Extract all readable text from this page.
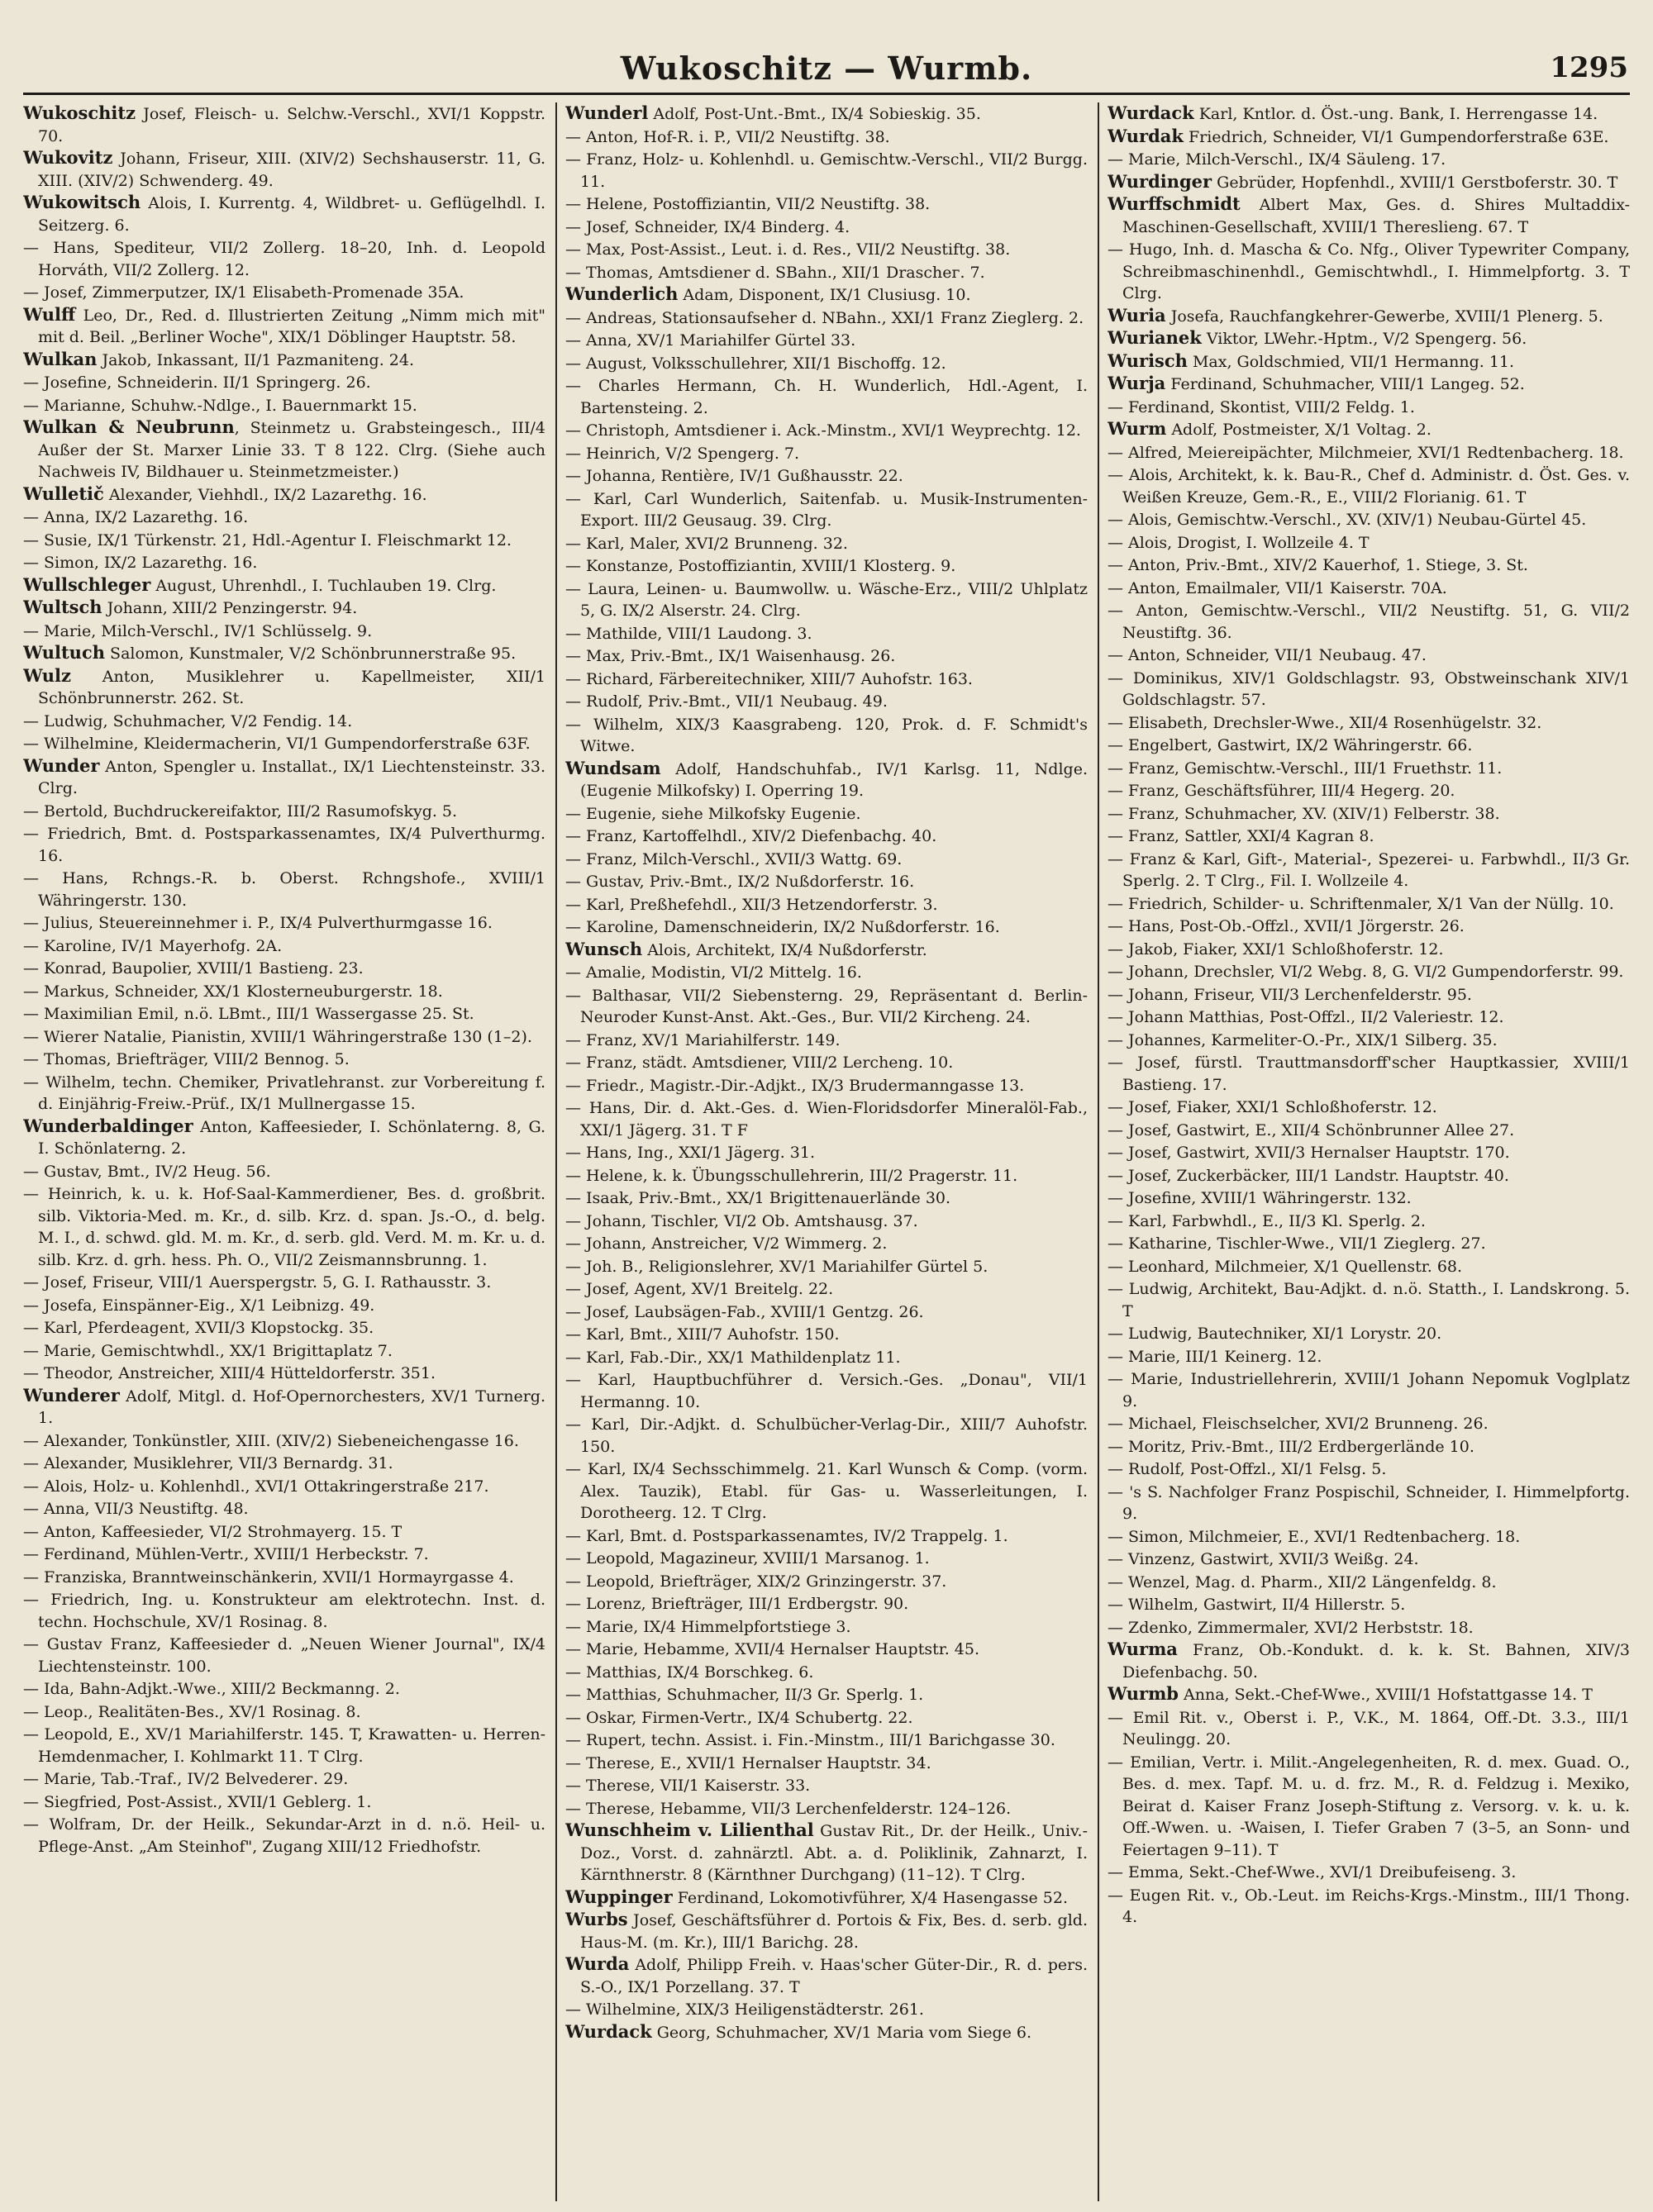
Wukoschitz — Wurmb.	1295
Wukoschitz Josef, Fleisch- u. Selchw.-Verschl., XVI/1 Koppstr. 70.
Wukovitz Johann, Friseur, XIII. (XIV/2) Sechshauserstr. 11, G. XIII. (XIV/2) Schwenderg. 49.
Wukowitsch Alois, I. Kurrentg. 4, Wildbret- u. Geflügelhdl. I. Seitzerg. 6.
— Hans, Spediteur, VII/2 Zollerg. 18–20, Inh. d. Leopold Horváth, VII/2 Zollerg. 12.
— Josef, Zimmerputzer, IX/1 Elisabeth-Promenade 35A.
Wulff Leo, Dr., Red. d. Illustrierten Zeitung „Nimm mich mit" mit d. Beil. „Berliner Woche", XIX/1 Döblinger Hauptstr. 58.
Wulkan Jakob, Inkassant, II/1 Pazmaniteng. 24.
— Josefine, Schneiderin. II/1 Springerg. 26.
— Marianne, Schuhw.-Ndlge., I. Bauernmarkt 15.
Wulkan & Neubrunn, Steinmetz u. Grabsteingesch., III/4 Außer der St. Marxer Linie 33. T 8 122. Clrg. (Siehe auch Nachweis IV, Bildhauer u. Steinmetzmeister.)
Wulletič Alexander, Viehhdl., IX/2 Lazarethg. 16.
— Anna, IX/2 Lazarethg. 16.
— Susie, IX/1 Türkenstr. 21, Hdl.-Agentur I. Fleischmarkt 12.
— Simon, IX/2 Lazarethg. 16.
Wullschleger August, Uhrenhdl., I. Tuchlauben 19. Clrg.
Wultsch Johann, XIII/2 Penzingerstr. 94.
— Marie, Milch-Verschl., IV/1 Schlüsselg. 9.
Wultuch Salomon, Kunstmaler, V/2 Schönbrunnerstraße 95.
Wulz Anton, Musiklehrer u. Kapellmeister, XII/1 Schönbrunnerstr. 262. St.
— Ludwig, Schuhmacher, V/2 Fendig. 14.
— Wilhelmine, Kleidermacherin, VI/1 Gumpendorferstraße 63F.
Wunder Anton, Spengler u. Installat., IX/1 Liechtensteinstr. 33. Clrg.
— Bertold, Buchdruckereifaktor, III/2 Rasumofskyg. 5.
— Friedrich, Bmt. d. Postsparkassenamtes, IX/4 Pulverthurmg. 16.
— Hans, Rchngs.-R. b. Oberst. Rchngshofe., XVIII/1 Währingerstr. 130.
— Julius, Steuereinnehmer i. P., IX/4 Pulverthurmgasse 16.
— Karoline, IV/1 Mayerhofg. 2A.
— Konrad, Baupolier, XVIII/1 Bastieng. 23.
— Markus, Schneider, XX/1 Klosterneuburgerstr. 18.
— Maximilian Emil, n.ö. LBmt., III/1 Wassergasse 25. St.
— Wierer Natalie, Pianistin, XVIII/1 Währingerstraße 130 (1–2).
— Thomas, Briefträger, VIII/2 Bennog. 5.
— Wilhelm, techn. Chemiker, Privatlehranst. zur Vorbereitung f. d. Einjährig-Freiw.-Prüf., IX/1 Mullnergasse 15.
Wunderbaldinger Anton, Kaffeesieder, I. Schönlaterng. 8, G. I. Schönlaterng. 2.
— Gustav, Bmt., IV/2 Heug. 56.
— Heinrich, k. u. k. Hof-Saal-Kammerdiener, Bes. d. großbrit. silb. Viktoria-Med. m. Kr., d. silb. Krz. d. span. Js.-O., d. belg. M. I., d. schwd. gld. M. m. Kr., d. serb. gld. Verd. M. m. Kr. u. d. silb. Krz. d. grh. hess. Ph. O., VII/2 Zeismannsbrunng. 1.
— Josef, Friseur, VIII/1 Auerspergstr. 5, G. I. Rathausstr. 3.
— Josefa, Einspänner-Eig., X/1 Leibnizg. 49.
— Karl, Pferdeagent, XVII/3 Klopstockg. 35.
— Marie, Gemischtwhdl., XX/1 Brigittaplatz 7.
— Theodor, Anstreicher, XIII/4 Hütteldorferstr. 351.
Wunderer Adolf, Mitgl. d. Hof-Opernorchesters, XV/1 Turnerg. 1.
— Alexander, Tonkünstler, XIII. (XIV/2) Siebeneichengasse 16.
— Alexander, Musiklehrer, VII/3 Bernardg. 31.
— Alois, Holz- u. Kohlenhdl., XVI/1 Ottakringerstraße 217.
— Anna, VII/3 Neustiftg. 48.
— Anton, Kaffeesieder, VI/2 Strohmayerg. 15. T
— Ferdinand, Mühlen-Vertr., XVIII/1 Herbeckstr. 7.
— Franziska, Branntweinschänkerin, XVII/1 Hormayrgasse 4.
— Friedrich, Ing. u. Konstrukteur am elektrotechn. Inst. d. techn. Hochschule, XV/1 Rosinag. 8.
— Gustav Franz, Kaffeesieder d. „Neuen Wiener Journal", IX/4 Liechtensteinstr. 100.
— Ida, Bahn-Adjkt.-Wwe., XIII/2 Beckmanng. 2.
— Leop., Realitäten-Bes., XV/1 Rosinag. 8.
— Leopold, E., XV/1 Mariahilferstr. 145. T, Krawatten- u. Herren-Hemdenmacher, I. Kohlmarkt 11. T Clrg.
— Marie, Tab.-Traf., IV/2 Belvederег. 29.
— Siegfried, Post-Assist., XVII/1 Geblerg. 1.
— Wolfram, Dr. der Heilk., Sekundar-Arzt in d. n.ö. Heil- u. Pflege-Anst. „Am Steinhof", Zugang XIII/12 Friedhofstr.
Wunderl Adolf, Post-Unt.-Bmt., IX/4 Sobieskig. 35.
— Anton, Hof-R. i. P., VII/2 Neustiftg. 38.
— Franz, Holz- u. Kohlenhdl. u. Gemischtw.-Verschl., VII/2 Burgg. 11.
— Helene, Postoffiziantin, VII/2 Neustiftg. 38.
— Josef, Schneider, IX/4 Binderg. 4.
— Max, Post-Assist., Leut. i. d. Res., VII/2 Neustiftg. 38.
— Thomas, Amtsdiener d. SBahn., XII/1 Draschег. 7.
Wunderlich Adam, Disponent, IX/1 Clusiusg. 10.
— Andreas, Stationsaufseher d. NBahn., XXI/1 Franz Zieglerg. 2.
— Anna, XV/1 Mariahilfer Gürtel 33.
— August, Volksschullehrer, XII/1 Bischoffg. 12.
— Charles Hermann, Ch. H. Wunderlich, Hdl.-Agent, I. Bartensteing. 2.
— Christoph, Amtsdiener i. Ack.-Minstm., XVI/1 Weyprechtg. 12.
— Heinrich, V/2 Spengerg. 7.
— Johanna, Rentière, IV/1 Gußhausstr. 22.
— Karl, Carl Wunderlich, Saitenfab. u. Musik-Instrumenten-Export. III/2 Geusaug. 39. Clrg.
— Karl, Maler, XVI/2 Brunneng. 32.
— Konstanze, Postoffiziantin, XVIII/1 Klosterg. 9.
— Laura, Leinen- u. Baumwollw. u. Wäsche-Erz., VIII/2 Uhlplatz 5, G. IX/2 Alserstr. 24. Clrg.
— Mathilde, VIII/1 Laudong. 3.
— Max, Priv.-Bmt., IX/1 Waisenhausg. 26.
— Richard, Färbereitechniker, XIII/7 Auhofstr. 163.
— Rudolf, Priv.-Bmt., VII/1 Neubaug. 49.
— Wilhelm, XIX/3 Kaasgrabeng. 120, Prok. d. F. Schmidt's Witwe.
Wundsam Adolf, Handschuhfab., IV/1 Karlsg. 11, Ndlge. (Eugenie Milkofsky) I. Operring 19.
— Eugenie, siehe Milkofsky Eugenie.
— Franz, Kartoffelhdl., XIV/2 Diefenbachg. 40.
— Franz, Milch-Verschl., XVII/3 Wattg. 69.
— Gustav, Priv.-Bmt., IX/2 Nußdorferstr. 16.
— Karl, Preßhefehdl., XII/3 Hetzendorferstr. 3.
— Karoline, Damenschneiderin, IX/2 Nußdorferstr. 16.
Wunsch Alois, Architekt, IX/4 Nußdorferstr.
— Amalie, Modistin, VI/2 Mittelg. 16.
— Balthasar, VII/2 Siebensterng. 29, Repräsentant d. Berlin-Neuroder Kunst-Anst. Akt.-Ges., Bur. VII/2 Kircheng. 24.
— Franz, XV/1 Mariahilferstr. 149.
— Franz, städt. Amtsdiener, VIII/2 Lercheng. 10.
— Friedr., Magistr.-Dir.-Adjkt., IX/3 Brudermanngasse 13.
— Hans, Dir. d. Akt.-Ges. d. Wien-Floridsdorfer Mineralöl-Fab., XXI/1 Jägerg. 31. T F
— Hans, Ing., XXI/1 Jägerg. 31.
— Helene, k. k. Übungsschullehrerin, III/2 Pragerstr. 11.
— Isaak, Priv.-Bmt., XX/1 Brigittenauerlände 30.
— Johann, Tischler, VI/2 Ob. Amtshausg. 37.
— Johann, Anstreicher, V/2 Wimmerg. 2.
— Joh. B., Religionslehrer, XV/1 Mariahilfer Gürtel 5.
— Josef, Agent, XV/1 Breitelg. 22.
— Josef, Laubsägen-Fab., XVIII/1 Gentzg. 26.
— Karl, Bmt., XIII/7 Auhofstr. 150.
— Karl, Fab.-Dir., XX/1 Mathildenplatz 11.
— Karl, Hauptbuchführer d. Versich.-Ges. „Donau", VII/1 Hermanng. 10.
— Karl, Dir.-Adjkt. d. Schulbücher-Verlag-Dir., XIII/7 Auhofstr. 150.
— Karl, IX/4 Sechsschimmelg. 21. Karl Wunsch & Comp. (vorm. Alex. Tauzik), Etabl. für Gas- u. Wasserleitungen, I. Dorotheerg. 12. T Clrg.
— Karl, Bmt. d. Postsparkassenamtes, IV/2 Trappelg. 1.
— Leopold, Magazineur, XVIII/1 Marsanog. 1.
— Leopold, Briefträger, XIX/2 Grinzingerstr. 37.
— Lorenz, Briefträger, III/1 Erdbergstr. 90.
— Marie, IX/4 Himmelpfortstiege 3.
— Marie, Hebamme, XVII/4 Hernalser Hauptstr. 45.
— Matthias, IX/4 Borschkeg. 6.
— Matthias, Schuhmacher, II/3 Gr. Sperlg. 1.
— Oskar, Firmen-Vertr., IX/4 Schubertg. 22.
— Rupert, techn. Assist. i. Fin.-Minstm., III/1 Barichgasse 30.
— Therese, E., XVII/1 Hernalser Hauptstr. 34.
— Therese, VII/1 Kaiserstr. 33.
— Therese, Hebamme, VII/3 Lerchenfelderstr. 124–126.
Wunschheim v. Lilienthal Gustav Rit., Dr. der Heilk., Univ.-Doz., Vorst. d. zahnärztl. Abt. a. d. Poliklinik, Zahnarzt, I. Kärnthnerstr. 8 (Kärnthner Durchgang) (11–12). T Clrg.
Wuppinger Ferdinand, Lokomotivführer, X/4 Hasengasse 52.
Wurbs Josef, Geschäftsführer d. Portois & Fix, Bes. d. serb. gld. Haus-M. (m. Kr.), III/1 Barichg. 28.
Wurda Adolf, Philipp Freih. v. Haas'scher Güter-Dir., R. d. pers. S.-O., IX/1 Porzellang. 37. T
— Wilhelmine, XIX/3 Heiligenstädterstr. 261.
Wurdack Georg, Schuhmacher, XV/1 Maria vom Siege 6.
Wurdack Karl, Kntlor. d. Öst.-ung. Bank, I. Herrengasse 14.
Wurdak Friedrich, Schneider, VI/1 Gumpendorferstraße 63E.
— Marie, Milch-Verschl., IX/4 Säuleng. 17.
Wurdinger Gebrüder, Hopfenhdl., XVIII/1 Gerstboferstr. 30. T
Wurffschmidt Albert Max, Ges. d. Shires Multaddix-Maschinen-Gesellschaft, XVIII/1 Thereslieng. 67. T
— Hugo, Inh. d. Mascha & Co. Nfg., Oliver Typewriter Company, Schreibmaschinenhdl., Gemischtwhdl., I. Himmelpfortg. 3. T Clrg.
Wuria Josefa, Rauchfangkehrer-Gewerbe, XVIII/1 Plenerg. 5.
Wurianek Viktor, LWehr.-Hptm., V/2 Spengerg. 56.
Wurisch Max, Goldschmied, VII/1 Hermanng. 11.
Wurja Ferdinand, Schuhmacher, VIII/1 Langeg. 52.
— Ferdinand, Skontist, VIII/2 Feldg. 1.
Wurm Adolf, Postmeister, X/1 Voltag. 2.
— Alfred, Meiereipächter, Milchmeier, XVI/1 Redtenbacherg. 18.
— Alois, Architekt, k. k. Bau-R., Chef d. Administr. d. Öst. Ges. v. Weißen Kreuze, Gem.-R., E., VIII/2 Florianig. 61. T
— Alois, Gemischtw.-Verschl., XV. (XIV/1) Neubau-Gürtel 45.
— Alois, Drogist, I. Wollzeile 4. T
— Anton, Priv.-Bmt., XIV/2 Kauerhof, 1. Stiege, 3. St.
— Anton, Emailmaler, VII/1 Kaiserstr. 70A.
— Anton, Gemischtw.-Verschl., VII/2 Neustiftg. 51, G. VII/2 Neustiftg. 36.
— Anton, Schneider, VII/1 Neubaug. 47.
— Dominikus, XIV/1 Goldschlagstr. 93, Obstweinschank XIV/1 Goldschlagstr. 57.
— Elisabeth, Drechsler-Wwe., XII/4 Rosenhügelstr. 32.
— Engelbert, Gastwirt, IX/2 Währingerstr. 66.
— Franz, Gemischtw.-Verschl., III/1 Fruethstr. 11.
— Franz, Geschäftsführer, III/4 Hegerg. 20.
— Franz, Schuhmacher, XV. (XIV/1) Felberstr. 38.
— Franz, Sattler, XXI/4 Kagran 8.
— Franz & Karl, Gift-, Material-, Spezerei- u. Farbwhdl., II/3 Gr. Sperlg. 2. T Clrg., Fil. I. Wollzeile 4.
— Friedrich, Schilder- u. Schriftenmaler, X/1 Van der Nüllg. 10.
— Hans, Post-Ob.-Offzl., XVII/1 Jörgerstr. 26.
— Jakob, Fiaker, XXI/1 Schloßhoferstr. 12.
— Johann, Drechsler, VI/2 Webg. 8, G. VI/2 Gumpendorferstr. 99.
— Johann, Friseur, VII/3 Lerchenfelderstr. 95.
— Johann Matthias, Post-Offzl., II/2 Valeriestr. 12.
— Johannes, Karmeliter-O.-Pr., XIX/1 Silberg. 35.
— Josef, fürstl. Trauttmansdorff'scher Hauptkassier, XVIII/1 Bastieng. 17.
— Josef, Fiaker, XXI/1 Schloßhoferstr. 12.
— Josef, Gastwirt, E., XII/4 Schönbrunner Allee 27.
— Josef, Gastwirt, XVII/3 Hernalser Hauptstr. 170.
— Josef, Zuckerbäcker, III/1 Landstr. Hauptstr. 40.
— Josefine, XVIII/1 Währingerstr. 132.
— Karl, Farbwhdl., E., II/3 Kl. Sperlg. 2.
— Katharine, Tischler-Wwe., VII/1 Zieglerg. 27.
— Leonhard, Milchmeier, X/1 Quellenstr. 68.
— Ludwig, Architekt, Bau-Adjkt. d. n.ö. Statth., I. Landskrong. 5. T
— Ludwig, Bautechniker, XI/1 Lorystr. 20.
— Marie, III/1 Keinerg. 12.
— Marie, Industriellehrerin, XVIII/1 Johann Nepomuk Voglplatz 9.
— Michael, Fleischselcher, XVI/2 Brunneng. 26.
— Moritz, Priv.-Bmt., III/2 Erdbergerlände 10.
— Rudolf, Post-Offzl., XI/1 Felsg. 5.
— 's S. Nachfolger Franz Pospischil, Schneider, I. Himmelpfortg. 9.
— Simon, Milchmeier, E., XVI/1 Redtenbacherg. 18.
— Vinzenz, Gastwirt, XVII/3 Weißg. 24.
— Wenzel, Mag. d. Pharm., XII/2 Längenfeldg. 8.
— Wilhelm, Gastwirt, II/4 Hillerstr. 5.
— Zdenko, Zimmermaler, XVI/2 Herbststr. 18.
Wurma Franz, Ob.-Kondukt. d. k. k. St. Bahnen, XIV/3 Diefenbachg. 50.
Wurmb Anna, Sekt.-Chef-Wwe., XVIII/1 Hofstattgasse 14. T
— Emil Rit. v., Oberst i. P., V.K., M. 1864, Off.-Dt. 3.3., III/1 Neulingg. 20.
— Emilian, Vertr. i. Milit.-Angelegenheiten, R. d. mex. Guad. O., Bes. d. mex. Tapf. M. u. d. frz. M., R. d. Feldzug i. Mexiko, Beirat d. Kaiser Franz Joseph-Stiftung z. Versorg. v. k. u. k. Off.-Wwen. u. -Waisen, I. Tiefer Graben 7 (3–5, an Sonn- und Feiertagen 9–11). T
— Emma, Sekt.-Chef-Wwe., XVI/1 Dreibufeiseng. 3.
— Eugen Rit. v., Ob.-Leut. im Reichs-Krgs.-Minstm., III/1 Thong. 4.
